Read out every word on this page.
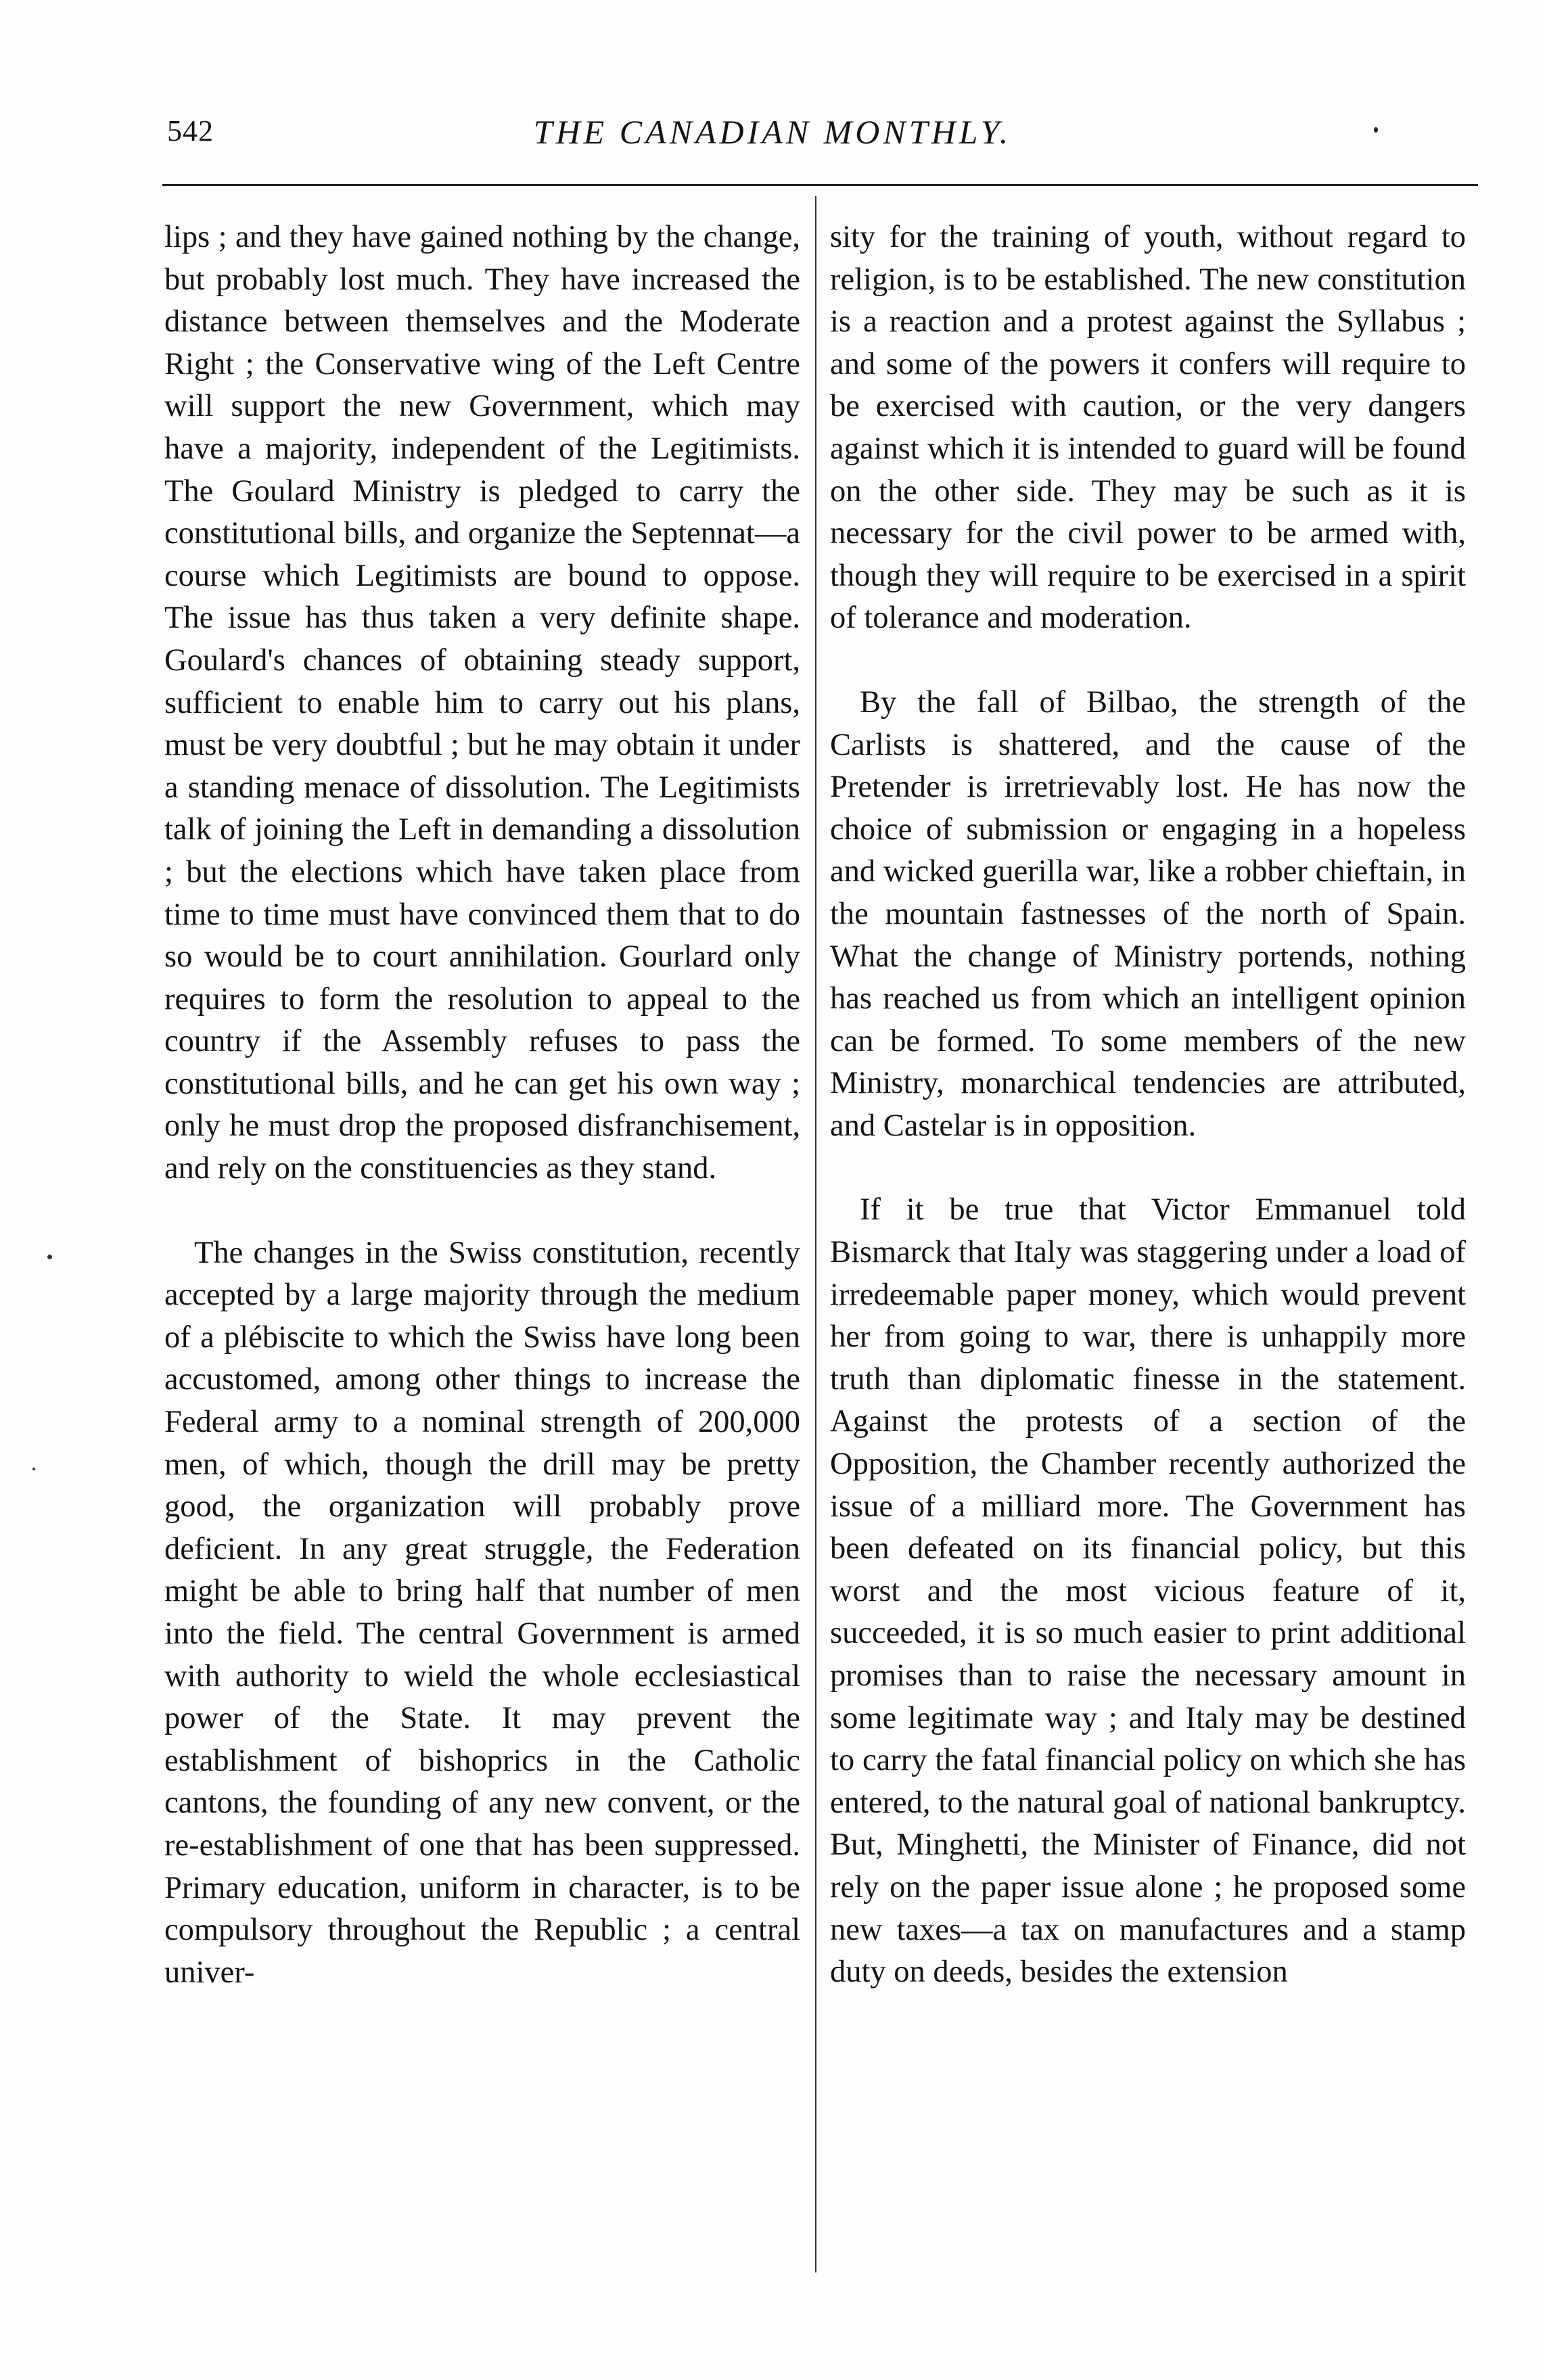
542	THE CANADIAN MONTHLY.

lips ; and they have gained nothing by the change, but probably lost much. They have increased the distance between themselves and the Moderate Right ; the Conservative wing of the Left Centre will support the new Government, which may have a majority, independent of the Legitimists. The Goulard Ministry is pledged to carry the constitutional bills, and organize the Septennat—a course which Legitimists are bound to oppose. The issue has thus taken a very definite shape. Goulard's chances of obtaining steady support, sufficient to enable him to carry out his plans, must be very doubtful ; but he may obtain it under a standing menace of dissolution. The Legitimists talk of joining the Left in demanding a dissolution ; but the elections which have taken place from time to time must have convinced them that to do so would be to court annihilation. Gourlard only requires to form the resolution to appeal to the country if the Assembly refuses to pass the constitutional bills, and he can get his own way ; only he must drop the proposed disfranchisement, and rely on the constituencies as they stand.

The changes in the Swiss constitution, recently accepted by a large majority through the medium of a plébiscite to which the Swiss have long been accustomed, among other things to increase the Federal army to a nominal strength of 200,000 men, of which, though the drill may be pretty good, the organization will probably prove deficient. In any great struggle, the Federation might be able to bring half that number of men into the field. The central Government is armed with authority to wield the whole ecclesiastical power of the State. It may prevent the establishment of bishoprics in the Catholic cantons, the founding of any new convent, or the re-establishment of one that has been suppressed. Primary education, uniform in character, is to be compulsory throughout the Republic ; a central univer-

sity for the training of youth, without regard to religion, is to be established. The new constitution is a reaction and a protest against the Syllabus ; and some of the powers it confers will require to be exercised with caution, or the very dangers against which it is intended to guard will be found on the other side. They may be such as it is necessary for the civil power to be armed with, though they will require to be exercised in a spirit of tolerance and moderation.

By the fall of Bilbao, the strength of the Carlists is shattered, and the cause of the Pretender is irretrievably lost. He has now the choice of submission or engaging in a hopeless and wicked guerilla war, like a robber chieftain, in the mountain fastnesses of the north of Spain. What the change of Ministry portends, nothing has reached us from which an intelligent opinion can be formed. To some members of the new Ministry, monarchical tendencies are attributed, and Castelar is in opposition.

If it be true that Victor Emmanuel told Bismarck that Italy was staggering under a load of irredeemable paper money, which would prevent her from going to war, there is unhappily more truth than diplomatic finesse in the statement. Against the protests of a section of the Opposition, the Chamber recently authorized the issue of a milliard more. The Government has been defeated on its financial policy, but this worst and the most vicious feature of it, succeeded, it is so much easier to print additional promises than to raise the necessary amount in some legitimate way ; and Italy may be destined to carry the fatal financial policy on which she has entered, to the natural goal of national bankruptcy. But, Minghetti, the Minister of Finance, did not rely on the paper issue alone ; he proposed some new taxes—a tax on manufactures and a stamp duty on deeds, besides the extension
